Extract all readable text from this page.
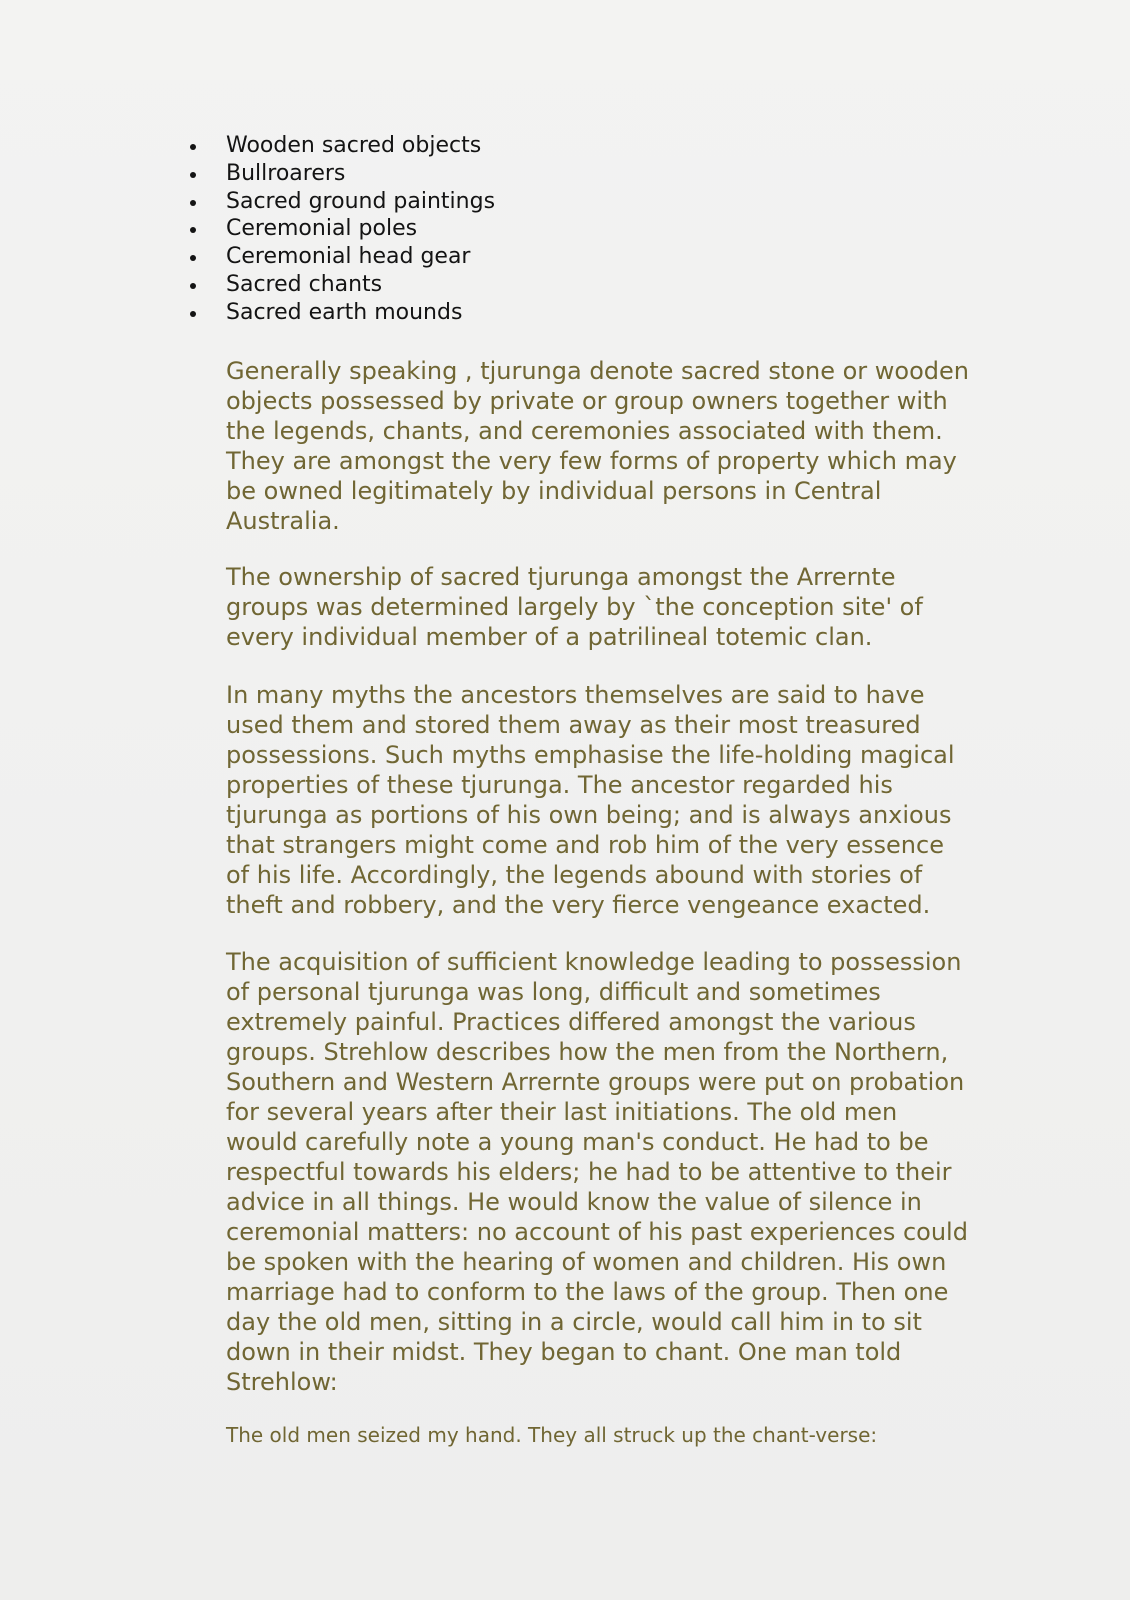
Wooden sacred objects
Bullroarers
Sacred ground paintings
Ceremonial poles
Ceremonial head gear
Sacred chants
Sacred earth mounds

Generally speaking , tjurunga denote sacred stone or wooden
objects possessed by private or group owners together with
the legends, chants, and ceremonies associated with them.
They are amongst the very few forms of property which may
be owned legitimately by individual persons in Central
Australia.

The ownership of sacred tjurunga amongst the Arrernte
groups was determined largely by `the conception site' of
every individual member of a patrilineal totemic clan.

In many myths the ancestors themselves are said to have
used them and stored them away as their most treasured
possessions. Such myths emphasise the life-holding magical
properties of these tjurunga. The ancestor regarded his
tjurunga as portions of his own being; and is always anxious
that strangers might come and rob him of the very essence
of his life. Accordingly, the legends abound with stories of
theft and robbery, and the very fierce vengeance exacted.

The acquisition of sufficient knowledge leading to possession
of personal tjurunga was long, difficult and sometimes
extremely painful. Practices differed amongst the various
groups. Strehlow describes how the men from the Northern,
Southern and Western Arrernte groups were put on probation
for several years after their last initiations. The old men
would carefully note a young man's conduct. He had to be
respectful towards his elders; he had to be attentive to their
advice in all things. He would know the value of silence in
ceremonial matters: no account of his past experiences could
be spoken with the hearing of women and children. His own
marriage had to conform to the laws of the group. Then one
day the old men, sitting in a circle, would call him in to sit
down in their midst. They began to chant. One man told
Strehlow:

The old men seized my hand. They all struck up the chant-verse:
